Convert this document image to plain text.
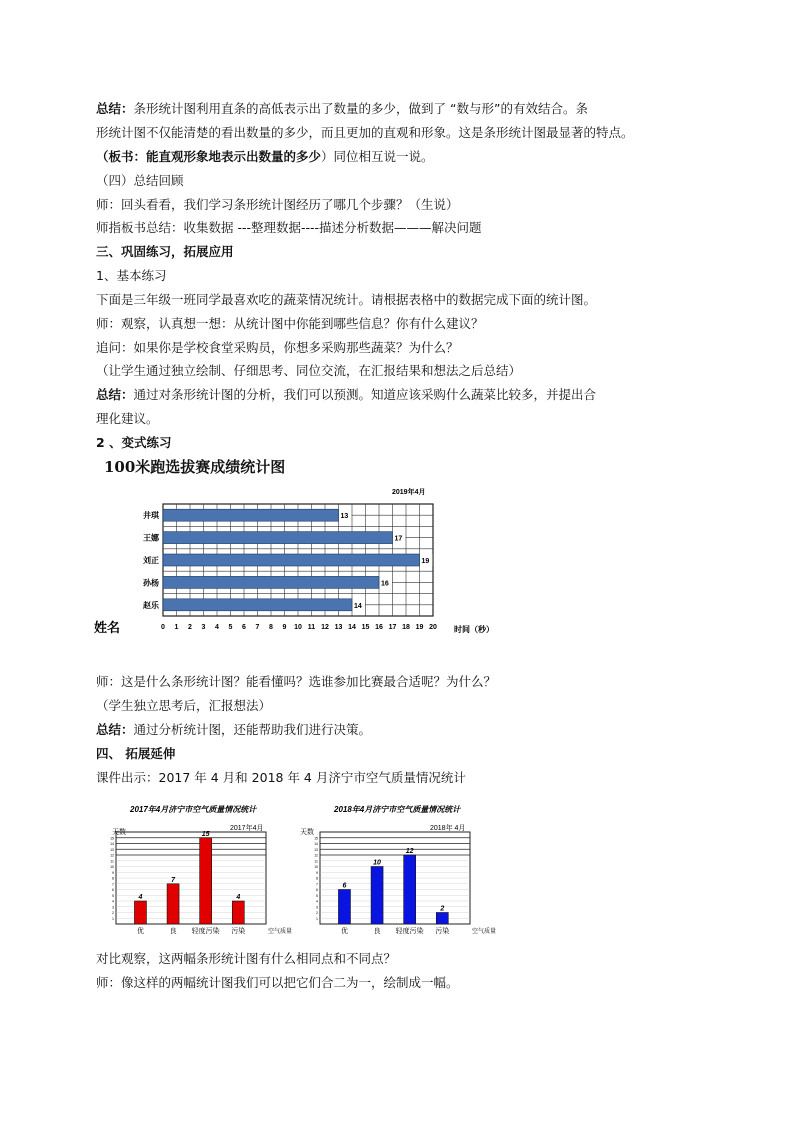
总结：条形统计图利用直条的高低表示出了数量的多少，做到了 “数与形”的有效结合。条
形统计图不仅能清楚的看出数量的多少，而且更加的直观和形象。这是条形统计图最显著的特点。
（板书：能直观形象地表示出数量的多少）同位相互说一说。
（四）总结回顾
师：回头看看，我们学习条形统计图经历了哪几个步骤？（生说）
师指板书总结：收集数据 ---整理数据----描述分析数据———解决问题
三、巩固练习，拓展应用
1、基本练习
下面是三年级一班同学最喜欢吃的蔬菜情况统计。请根据表格中的数据完成下面的统计图。
师：观察，认真想一想：从统计图中你能到哪些信息？你有什么建议？
追问：如果你是学校食堂采购员，你想多采购那些蔬菜？为什么？
（让学生通过独立绘制、仔细思考、同位交流，在汇报结果和想法之后总结）
总结：通过对条形统计图的分析，我们可以预测。知道应该采购什么蔬菜比较多，并提出合
理化建议。
2 、变式练习
100米跑选拔赛成绩统计图
0 1 2 3 4 5 6 7 8 9 10 11 12 13 14 15 16 17 18 19 20
井琪	13
王娜	17
刘正	19
孙杨	16
赵乐	14
2019年4月
姓名	时间（秒）
师：这是什么条形统计图？能看懂吗？选谁参加比赛最合适呢？为什么？
（学生独立思考后，汇报想法）
总结：通过分析统计图，还能帮助我们进行决策。
四、 拓展延伸
课件出示：2017 年 4 月和 2018 年 4 月济宁市空气质量情况统计
2017年4月济宁市空气质量情况统计
2017年4月
天数
1
2
3
4
5
6
7
8
9
10
11
12
13
14
15
4
优
7
良
15
轻度污染
4
污染	空气质量
2018年4月济宁市空气质量情况统计
2018年 4月
天数
1
2
3
4
5
6
7
8
9
10
11
12
13
14
15
6
优
10
良
12
轻度污染
2
污染	空气质量
对比观察，这两幅条形统计图有什么相同点和不同点？
师：像这样的两幅统计图我们可以把它们合二为一，绘制成一幅。
